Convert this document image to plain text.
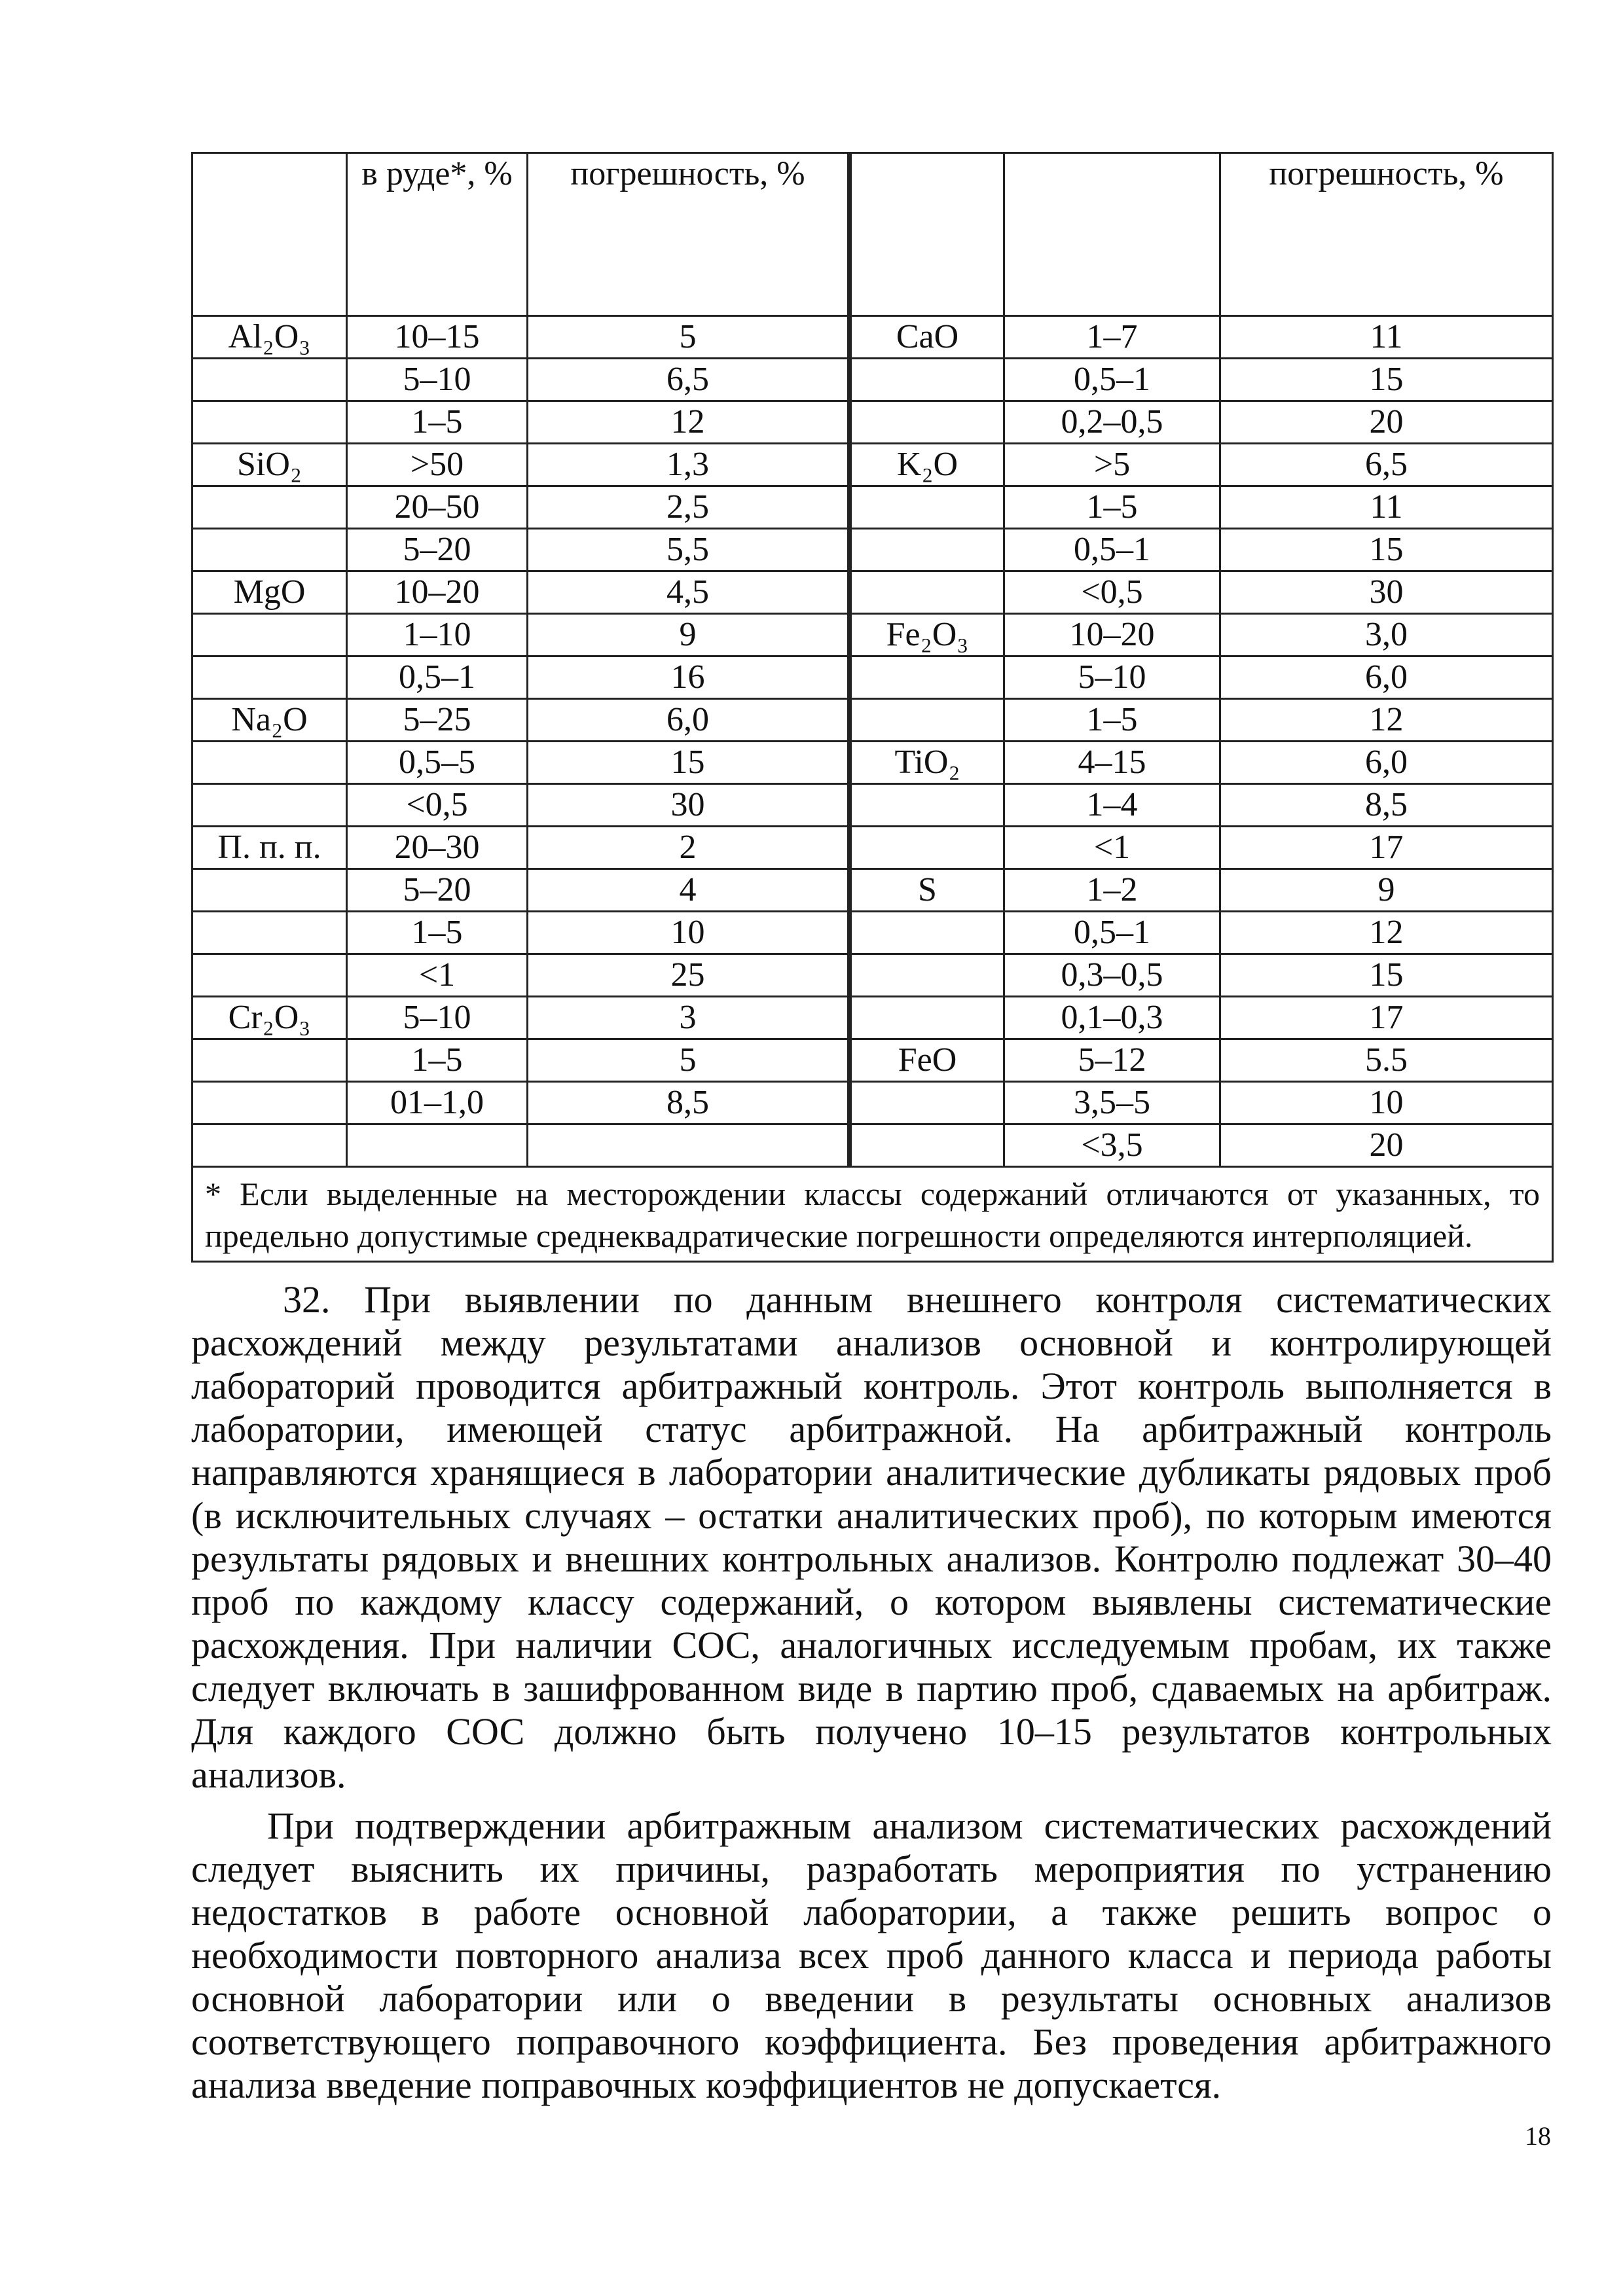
	в руде*, %	погрешность, %			погрешность, %
Al₂O₃	10–15	5	CaO	1–7	11
	5–10	6,5		0,5–1	15
	1–5	12		0,2–0,5	20
SiO₂	>50	1,3	K₂O	>5	6,5
	20–50	2,5		1–5	11
	5–20	5,5		0,5–1	15
MgO	10–20	4,5		<0,5	30
	1–10	9	Fe₂O₃	10–20	3,0
	0,5–1	16		5–10	6,0
Na₂O	5–25	6,0		1–5	12
	0,5–5	15	TiO₂	4–15	6,0
	<0,5	30		1–4	8,5
П. п. п.	20–30	2		<1	17
	5–20	4	S	1–2	9
	1–5	10		0,5–1	12
	<1	25		0,3–0,5	15
Cr₂O₃	5–10	3		0,1–0,3	17
	1–5	5	FeO	5–12	5.5
	01–1,0	8,5		3,5–5	10
				<3,5	20
* Если выделенные на месторождении классы содержаний отличаются от указанных, то предельно допустимые среднеквадратические погрешности определяются интерполяцией.					

32. При выявлении по данным внешнего контроля систематических расхождений между результатами анализов основной и контролирующей лабораторий проводится арбитражный контроль. Этот контроль выполняется в лаборатории, имеющей статус арбитражной. На арбитражный контроль направляются хранящиеся в лаборатории аналитические дубликаты рядовых проб (в исключительных случаях – остатки аналитических проб), по которым имеются результаты рядовых и внешних контрольных анализов. Контролю подлежат 30–40 проб по каждому классу содержаний, о котором выявлены систематические расхождения. При наличии СОС, аналогичных исследуемым пробам, их также следует включать в зашифрованном виде в партию проб, сдаваемых на арбитраж. Для каждого СОС должно быть получено 10–15 результатов контрольных анализов.

При подтверждении арбитражным анализом систематических расхождений следует выяснить их причины, разработать мероприятия по устранению недостатков в работе основной лаборатории, а также решить вопрос о необходимости повторного анализа всех проб данного класса и периода работы основной лаборатории или о введении в результаты основных анализов соответствующего поправочного коэффициента. Без проведения арбитражного анализа введение поправочных коэффициентов не допускается.

18
